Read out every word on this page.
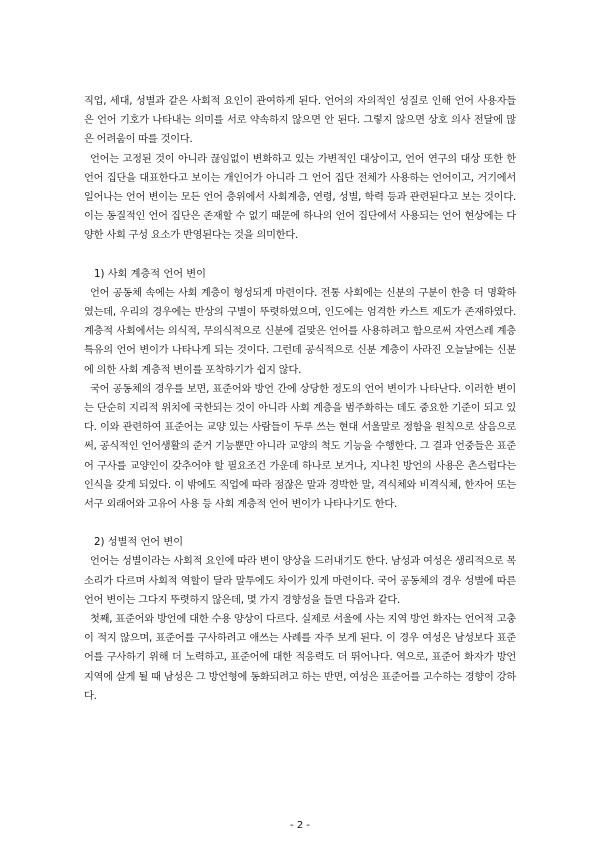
직업, 세대, 성별과 같은 사회적 요인이 관여하게 된다. 언어의 자의적인 성질로 인해 언어 사용자들은 언어 기호가 나타내는 의미를 서로 약속하지 않으면 안 된다. 그렇지 않으면 상호 의사 전달에 많은 어려움이 따를 것이다.

언어는 고정된 것이 아니라 끊임없이 변화하고 있는 가변적인 대상이고, 언어 연구의 대상 또한 한 언어 집단을 대표한다고 보이는 개인어가 아니라 그 언어 집단 전체가 사용하는 언어이고, 거기에서 일어나는 언어 변이는 모든 언어 층위에서 사회계층, 연령, 성별, 학력 등과 관련된다고 보는 것이다. 이는 동질적인 언어 집단은 존재할 수 없기 때문에 하나의 언어 집단에서 사용되는 언어 현상에는 다양한 사회 구성 요소가 반영된다는 것을 의미한다.

1) 사회 계층적 언어 변이

언어 공동체 속에는 사회 계층이 형성되게 마련이다. 전통 사회에는 신분의 구분이 한층 더 명확하였는데, 우리의 경우에는 반상의 구별이 뚜렷하였으며, 인도에는 엄격한 카스트 제도가 존재하였다. 계층적 사회에서는 의식적, 무의식적으로 신분에 걸맞은 언어를 사용하려고 함으로써 자연스레 계층 특유의 언어 변이가 나타나게 되는 것이다. 그런데 공식적으로 신분 계층이 사라진 오늘날에는 신분에 의한 사회 계층적 변이를 포착하기가 쉽지 않다.

국어 공동체의 경우를 보면, 표준어와 방언 간에 상당한 정도의 언어 변이가 나타난다. 이러한 변이는 단순히 지리적 위치에 국한되는 것이 아니라 사회 계층을 범주화하는 데도 중요한 기준이 되고 있다. 이와 관련하여 표준어는 교양 있는 사람들이 두루 쓰는 현대 서울말로 정함을 원칙으로 삼음으로써, 공식적인 언어생활의 준거 기능뿐만 아니라 교양의 척도 기능을 수행한다. 그 결과 언중들은 표준어 구사를 교양인이 갖추어야 할 필요조건 가운데 하나로 보거나, 지나친 방언의 사용은 촌스럽다는 인식을 갖게 되었다. 이 밖에도 직업에 따라 점잖은 말과 경박한 말, 격식체와 비격식체, 한자어 또는 서구 외래어와 고유어 사용 등 사회 계층적 언어 변이가 나타나기도 한다.

2) 성별적 언어 변이

언어는 성별이라는 사회적 요인에 따라 변이 양상을 드러내기도 한다. 남성과 여성은 생리적으로 목소리가 다르며 사회적 역할이 달라 말투에도 차이가 있게 마련이다. 국어 공동체의 경우 성별에 따른 언어 변이는 그다지 뚜렷하지 않은데, 몇 가지 경향성을 들면 다음과 같다.

첫째, 표준어와 방언에 대한 수용 양상이 다르다. 실제로 서울에 사는 지역 방언 화자는 언어적 고충이 적지 않으며, 표준어를 구사하려고 애쓰는 사례를 자주 보게 된다. 이 경우 여성은 남성보다 표준어를 구사하기 위해 더 노력하고, 표준어에 대한 적응력도 더 뛰어나다. 역으로, 표준어 화자가 방언 지역에 살게 될 때 남성은 그 방언형에 동화되려고 하는 반면, 여성은 표준어를 고수하는 경향이 강하다.

- 2 -
